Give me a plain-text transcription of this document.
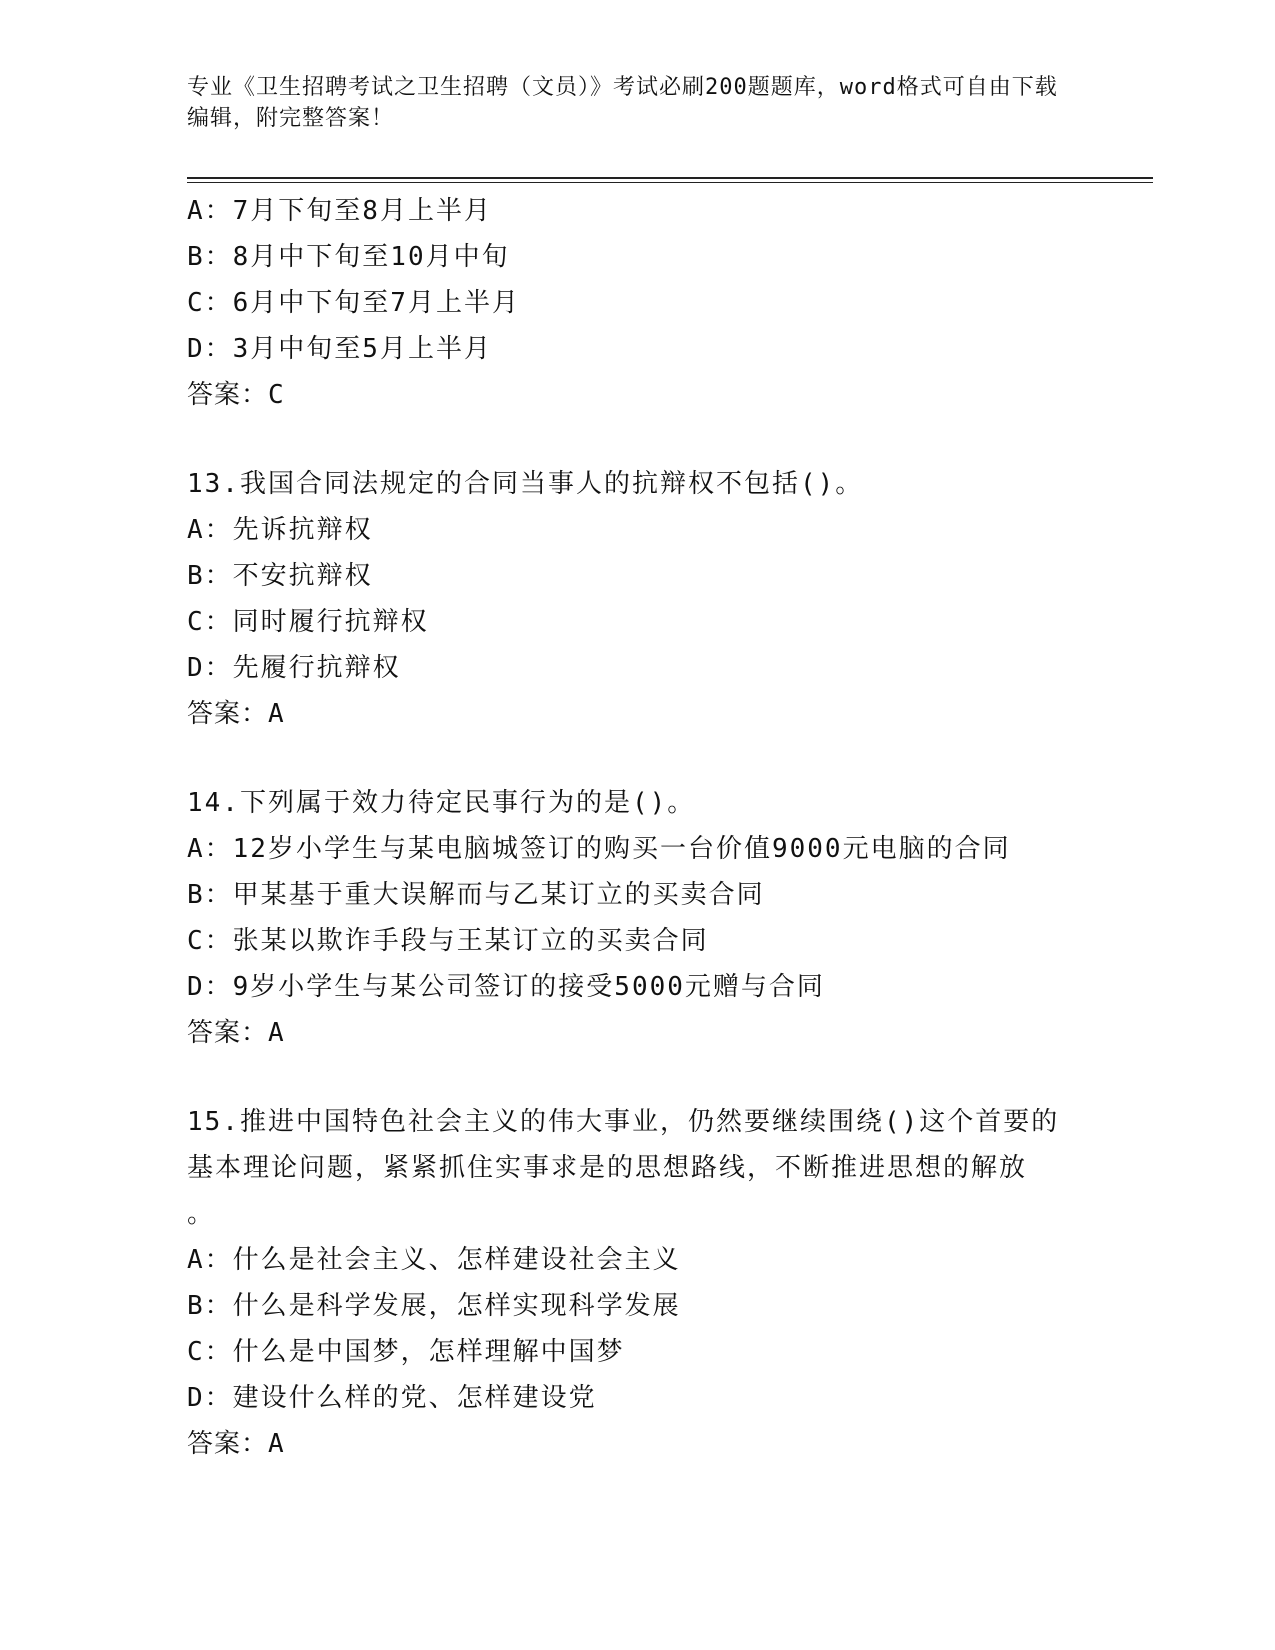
专业《卫生招聘考试之卫生招聘（文员）》考试必刷200题题库，word格式可自由下载编辑，附完整答案！
A：7月下旬至8月上半月
B：8月中下旬至10月中旬
C：6月中下旬至7月上半月
D：3月中旬至5月上半月
答案：C
13.我国合同法规定的合同当事人的抗辩权不包括()。
A：先诉抗辩权
B：不安抗辩权
C：同时履行抗辩权
D：先履行抗辩权
答案：A
14.下列属于效力待定民事行为的是()。
A：12岁小学生与某电脑城签订的购买一台价值9000元电脑的合同
B：甲某基于重大误解而与乙某订立的买卖合同
C：张某以欺诈手段与王某订立的买卖合同
D：9岁小学生与某公司签订的接受5000元赠与合同
答案：A
15.推进中国特色社会主义的伟大事业，仍然要继续围绕()这个首要的
基本理论问题，紧紧抓住实事求是的思想路线，不断推进思想的解放
。
A：什么是社会主义、怎样建设社会主义
B：什么是科学发展，怎样实现科学发展
C：什么是中国梦，怎样理解中国梦
D：建设什么样的党、怎样建设党
答案：A
